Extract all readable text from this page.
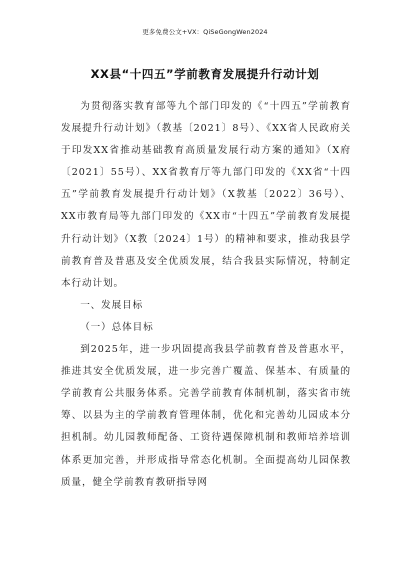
更多免费公文+VX：QiSeGongWen2024
XX县“十四五”学前教育发展提升行动计划

为贯彻落实教育部等九个部门印发的《“十四五”学前教育发展提升行动计划》（教基〔2021〕8号）、《XX省人民政府关于印发XX省推动基础教育高质量发展行动方案的通知》（X府〔2021〕55号）、XX省教育厅等九部门印发的《XX省“十四五”学前教育发展提升行动计划》（X教基〔2022〕36号）、XX市教育局等九部门印发的《XX市“十四五”学前教育发展提升行动计划》（X教〔2024〕1号）的精神和要求，推动我县学前教育普及普惠及安全优质发展，结合我县实际情况，特制定本行动计划。

一、发展目标

（一）总体目标

到2025年，进一步巩固提高我县学前教育普及普惠水平，推进其安全优质发展，进一步完善广覆盖、保基本、有质量的学前教育公共服务体系。完善学前教育体制机制，落实省市统筹、以县为主的学前教育管理体制，优化和完善幼儿园成本分担机制。幼儿园教师配备、工资待遇保障机制和教师培养培训体系更加完善，并形成指导常态化机制。全面提高幼儿园保教质量，健全学前教育教研指导网
